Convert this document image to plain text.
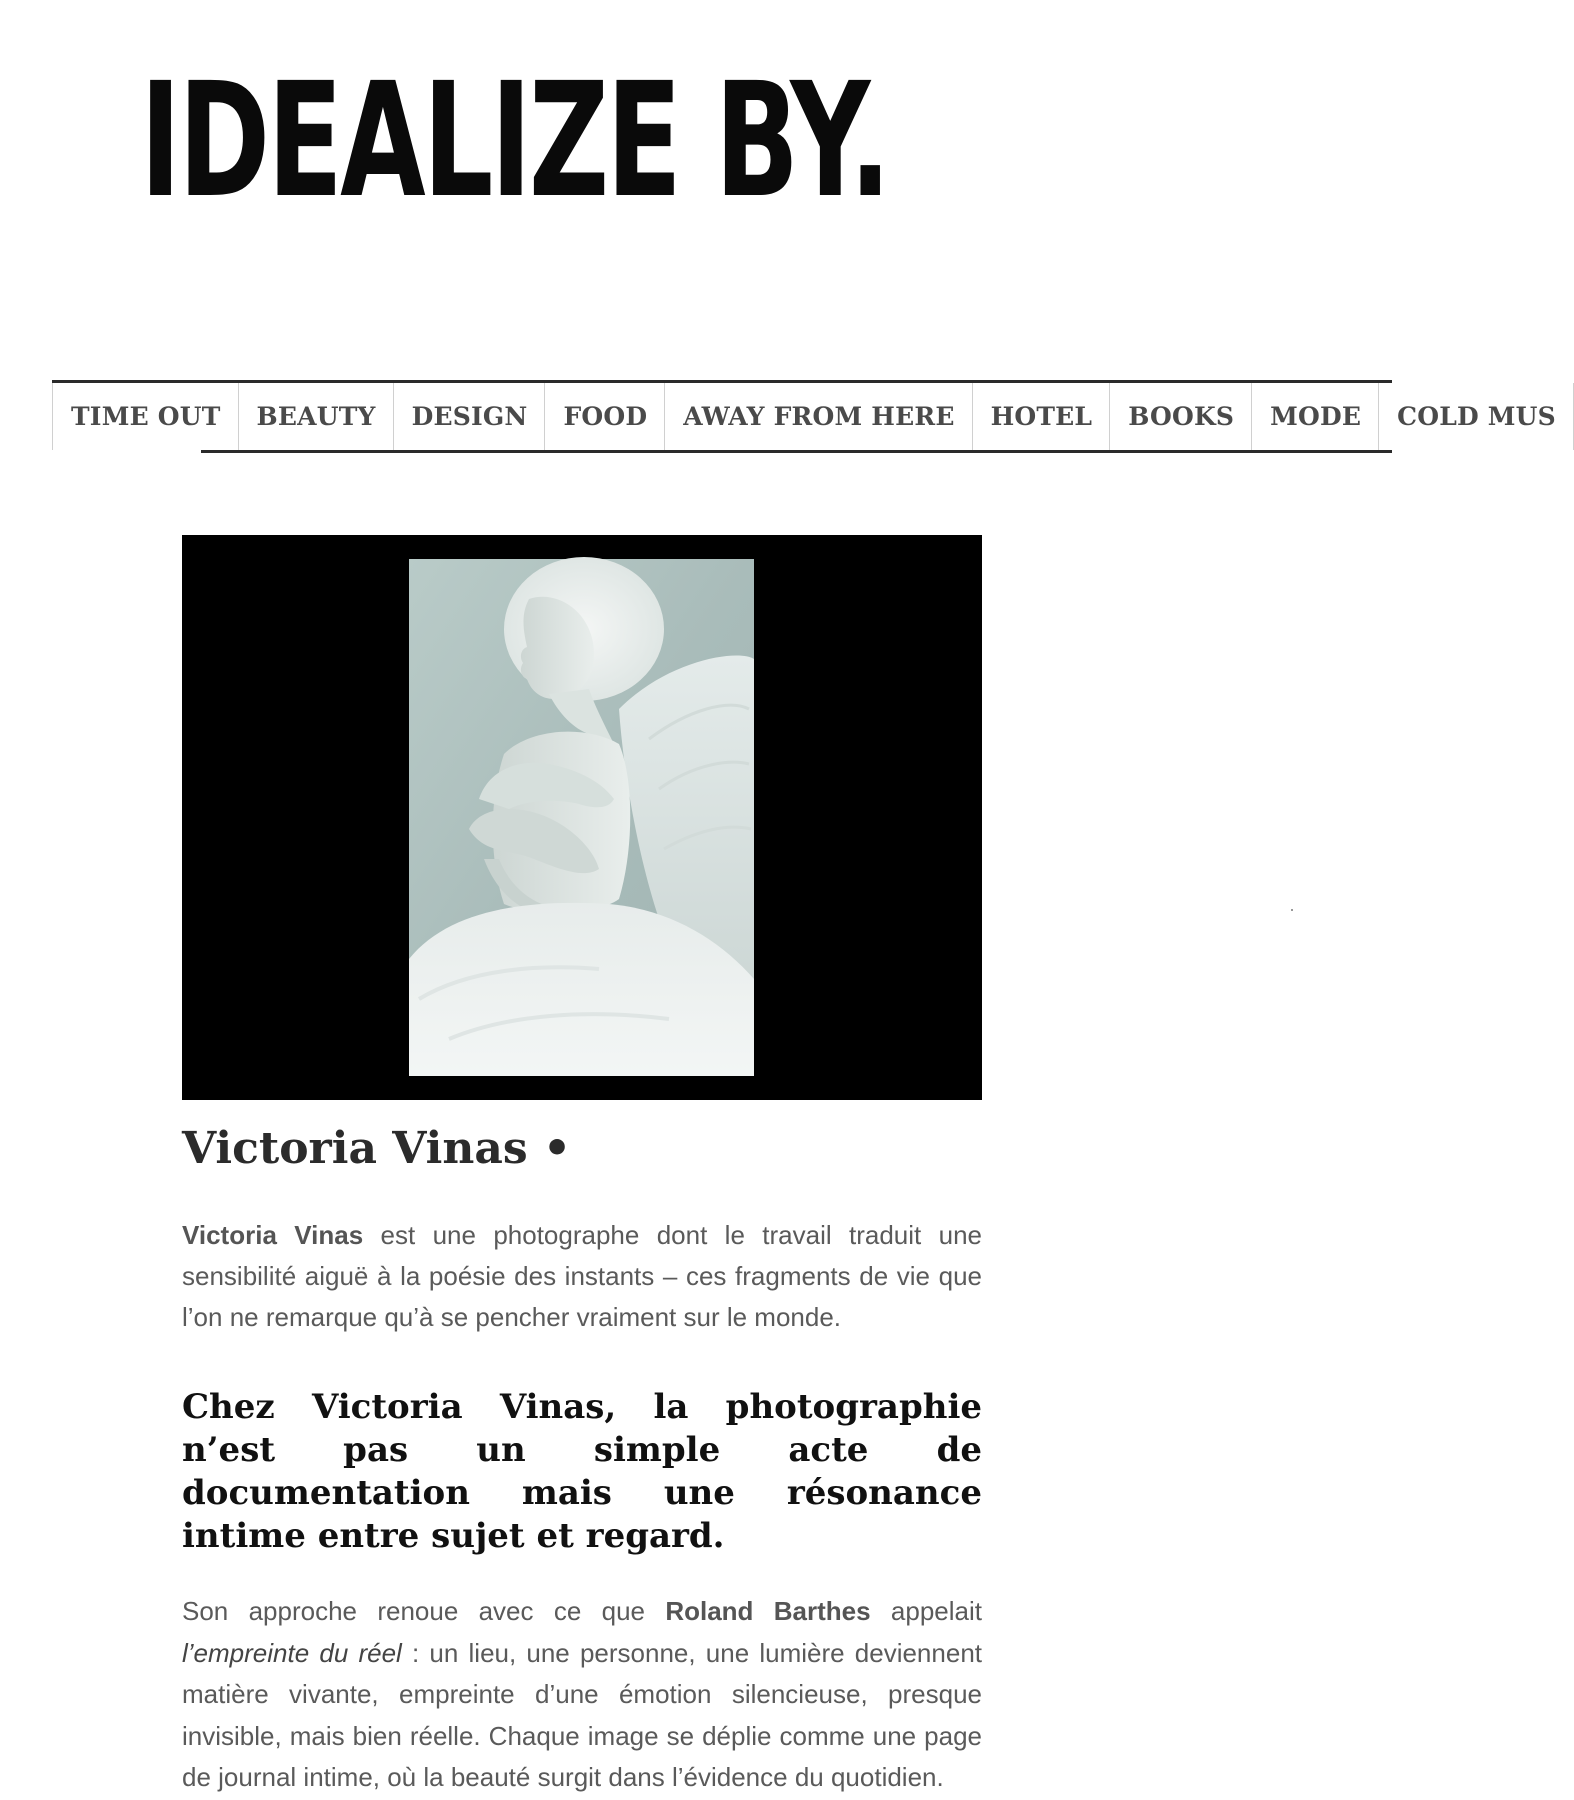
IDEALIZE BY.
TIME OUT	BEAUTY	DESIGN	FOOD	AWAY FROM HERE	HOTEL	BOOKS	MODE	COLD MUS
Victoria Vinas •

Victoria Vinas est une photographe dont le travail traduit une sensibilité aiguë à la poésie des instants – ces fragments de vie que l’on ne remarque qu’à se pencher vraiment sur le monde.

Chez Victoria Vinas, la photographie n’est pas un simple acte de documentation mais une résonance intime entre sujet et regard.

Son approche renoue avec ce que Roland Barthes appelait l’empreinte du réel : un lieu, une personne, une lumière deviennent matière vivante, empreinte d’une émotion silencieuse, presque invisible, mais bien réelle. Chaque image se déplie comme une page de journal intime, où la beauté surgit dans l’évidence du quotidien.
